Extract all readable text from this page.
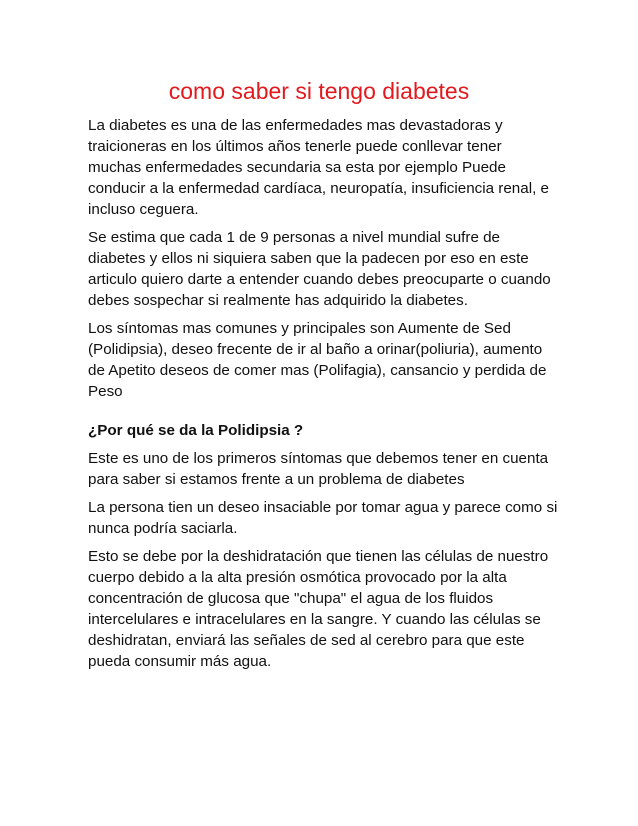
como saber si tengo diabetes

La diabetes es una de las enfermedades mas devastadoras y traicioneras en los últimos años tenerle puede conllevar tener muchas enfermedades secundaria sa esta por ejemplo Puede conducir a la enfermedad cardíaca, neuropatía, insuficiencia renal, e incluso ceguera.

Se estima que cada 1 de 9 personas a nivel mundial sufre de diabetes y ellos ni siquiera saben que la padecen por eso en este articulo quiero darte a entender cuando debes preocuparte o cuando debes sospechar si realmente has adquirido la diabetes.

Los síntomas mas comunes y principales son Aumente de Sed (Polidipsia), deseo frecente de ir al baño a orinar(poliuria), aumento de Apetito deseos de comer mas (Polifagia), cansancio y perdida de Peso

¿Por qué se da la Polidipsia ?

Este es uno de los primeros síntomas que debemos tener en cuenta para saber si estamos frente a un problema de diabetes

La persona tien un deseo insaciable por tomar agua y parece como si nunca podría saciarla.

Esto se debe por la deshidratación que tienen las células de nuestro cuerpo debido a la alta presión osmótica provocado por la alta concentración de glucosa que "chupa" el agua de los fluidos intercelulares e intracelulares en la sangre. Y cuando las células se deshidratan, enviará las señales de sed al cerebro para que este pueda consumir más agua.
